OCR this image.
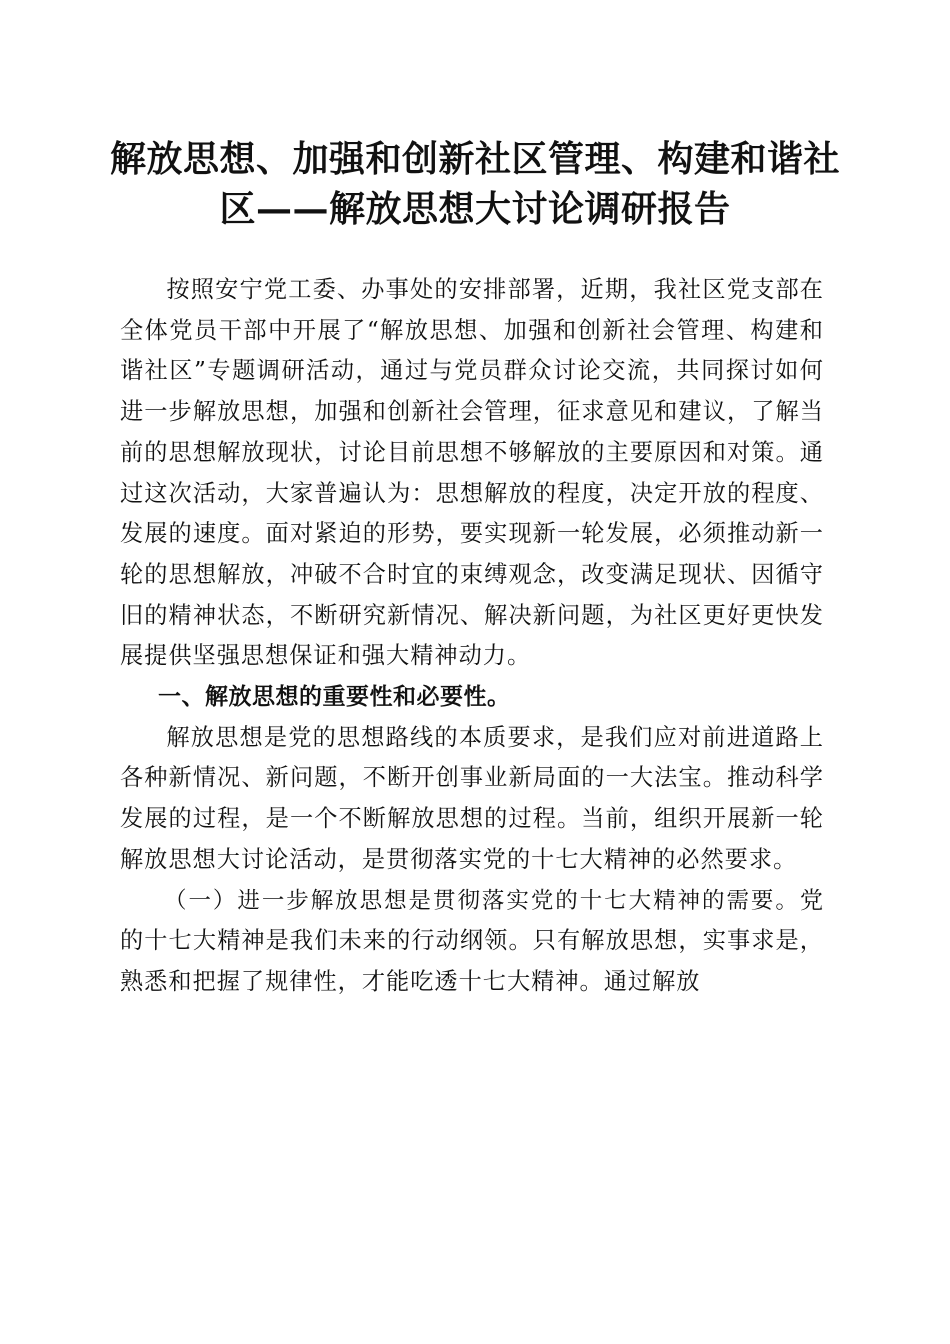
解放思想、加强和创新社区管理、构建和谐社
区——解放思想大讨论调研报告

按照安宁党工委、办事处的安排部署，近期，我社区党支部在全体党员干部中开展了“解放思想、加强和创新社会管理、构建和谐社区”专题调研活动，通过与党员群众讨论交流，共同探讨如何进一步解放思想，加强和创新社会管理，征求意见和建议，了解当前的思想解放现状，讨论目前思想不够解放的主要原因和对策。通过这次活动，大家普遍认为：思想解放的程度，决定开放的程度、发展的速度。面对紧迫的形势，要实现新一轮发展，必须推动新一轮的思想解放，冲破不合时宜的束缚观念，改变满足现状、因循守旧的精神状态，不断研究新情况、解决新问题，为社区更好更快发展提供坚强思想保证和强大精神动力。

一、解放思想的重要性和必要性。

解放思想是党的思想路线的本质要求，是我们应对前进道路上各种新情况、新问题，不断开创事业新局面的一大法宝。推动科学发展的过程，是一个不断解放思想的过程。当前，组织开展新一轮解放思想大讨论活动，是贯彻落实党的十七大精神的必然要求。

（一）进一步解放思想是贯彻落实党的十七大精神的需要。党的十七大精神是我们未来的行动纲领。只有解放思想，实事求是，熟悉和把握了规律性，才能吃透十七大精神。通过解放
